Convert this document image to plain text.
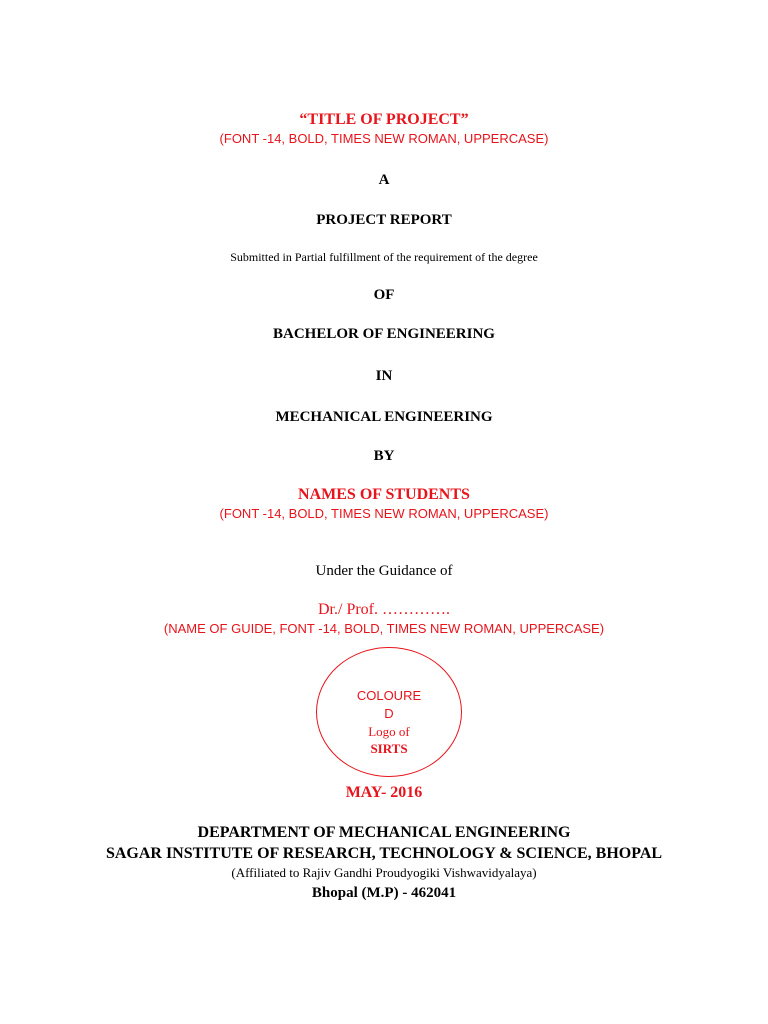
“TITLE OF PROJECT”
(FONT -14, BOLD, TIMES NEW ROMAN, UPPERCASE)
A
PROJECT REPORT
Submitted in Partial fulfillment of the requirement of the degree
OF
BACHELOR OF ENGINEERING
IN
MECHANICAL ENGINEERING
BY
NAMES OF STUDENTS
(FONT -14, BOLD, TIMES NEW ROMAN, UPPERCASE)
Under the Guidance of
Dr./ Prof. ………….
(NAME OF GUIDE, FONT -14, BOLD, TIMES NEW ROMAN, UPPERCASE)
COLOURE
D
Logo of
SIRTS
MAY- 2016
DEPARTMENT OF MECHANICAL ENGINEERING
SAGAR INSTITUTE OF RESEARCH, TECHNOLOGY & SCIENCE, BHOPAL
(Affiliated to Rajiv Gandhi Proudyogiki Vishwavidyalaya)
Bhopal (M.P) - 462041
